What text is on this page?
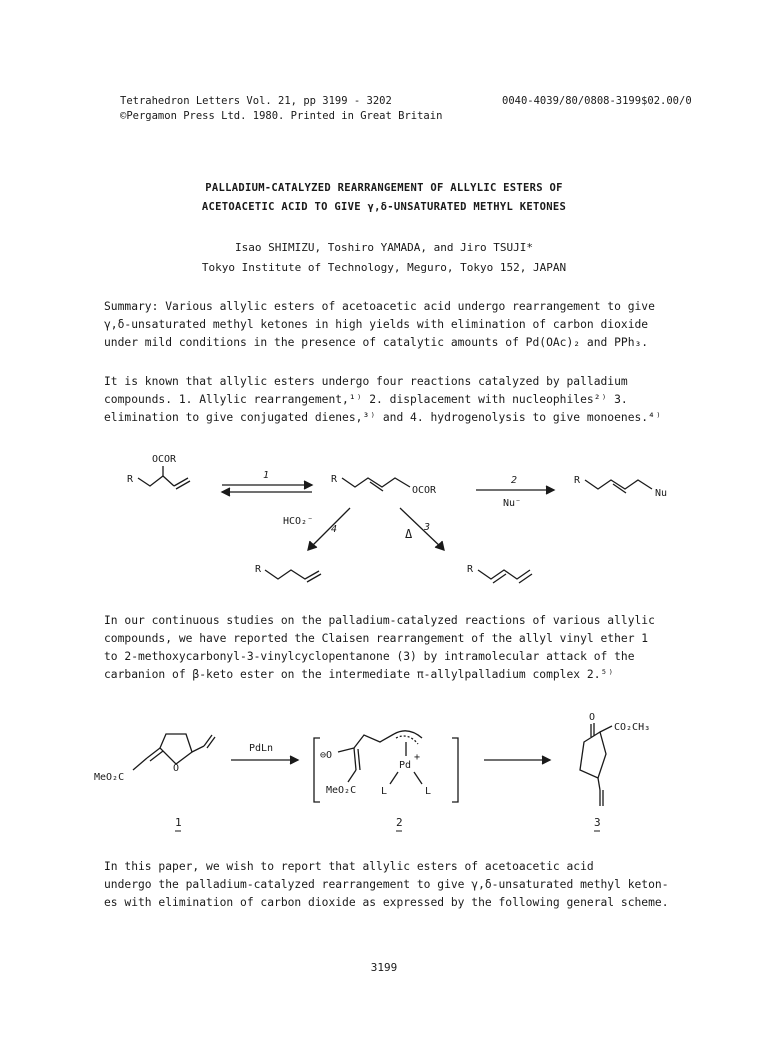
Tetrahedron Letters Vol. 21, pp 3199 - 3202
©Pergamon Press Ltd. 1980. Printed in Great Britain
0040-4039/80/0808-3199$02.00/0
PALLADIUM-CATALYZED REARRANGEMENT OF ALLYLIC ESTERS OF
ACETOACETIC ACID TO GIVE γ,δ-UNSATURATED METHYL KETONES
Isao SHIMIZU, Toshiro YAMADA, and Jiro TSUJI*
Tokyo Institute of Technology, Meguro, Tokyo 152, JAPAN
Summary: Various allylic esters of acetoacetic acid undergo rearrangement to give
γ,δ-unsaturated methyl ketones in high yields with elimination of carbon dioxide
under mild conditions in the presence of catalytic amounts of Pd(OAc)₂ and PPh₃.
It is known that allylic esters undergo four reactions catalyzed by palladium
compounds. 1. Allylic rearrangement,¹⁾ 2. displacement with nucleophiles²⁾ 3.
elimination to give conjugated dienes,³⁾ and 4. hydrogenolysis to give monoenes.⁴⁾
OCOR
R	1	R
OCOR
2
Nu⁻
R
Nu
HCO₂⁻
4	3
Δ
R	R
In our continuous studies on the palladium-catalyzed reactions of various allylic
compounds, we have reported the Claisen rearrangement of the allyl vinyl ether 1
to 2-methoxycarbonyl-3-vinylcyclopentanone (3) by intramolecular attack of the
carbanion of β-keto ester on the intermediate π-allylpalladium complex 2.⁵⁾
MeO₂C
O
PdLn
⊖O
MeO₂C
Pd
+
L	L
O
CO₂CH₃
1	2	3
In this paper, we wish to report that allylic esters of acetoacetic acid
undergo the palladium-catalyzed rearrangement to give γ,δ-unsaturated methyl keton-
es with elimination of carbon dioxide as expressed by the following general scheme.
3199
